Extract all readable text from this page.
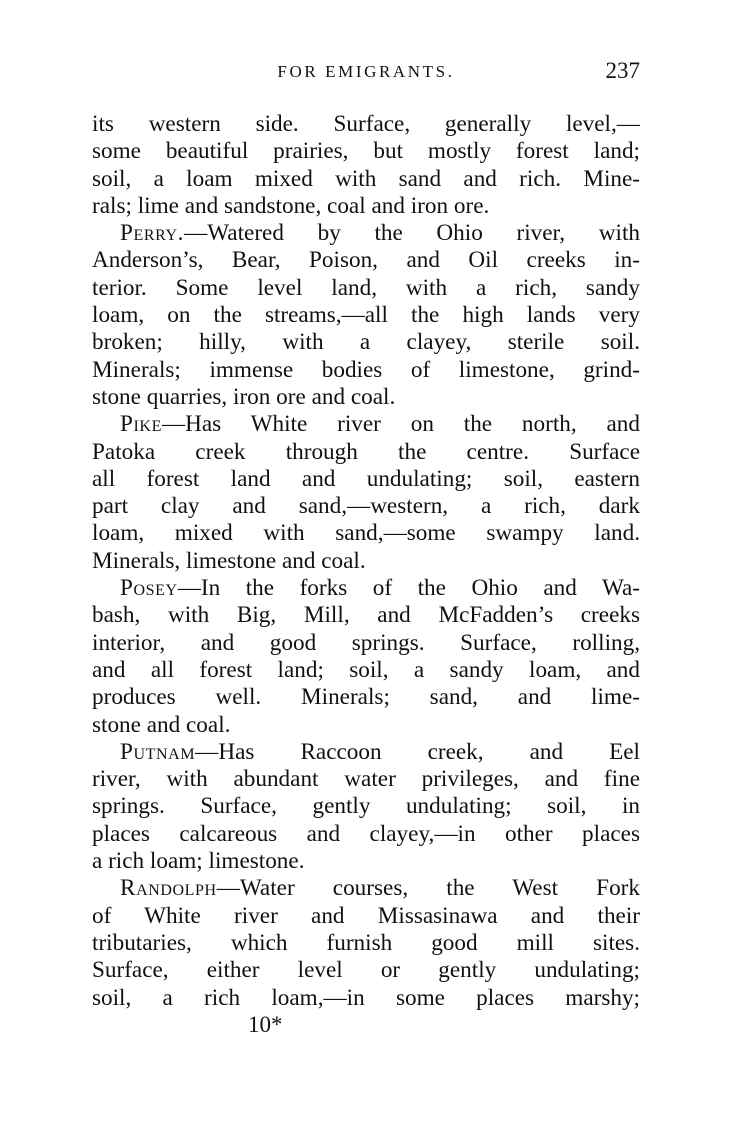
FOR EMIGRANTS.	237
its western side. Surface, generally level,—
some beautiful prairies, but mostly forest land;
soil, a loam mixed with sand and rich. Mine-
rals; lime and sandstone, coal and iron ore.
Perry.—Watered by the Ohio river, with
Anderson’s, Bear, Poison, and Oil creeks in-
terior. Some level land, with a rich, sandy
loam, on the streams,—all the high lands very
broken; hilly, with a clayey, sterile soil.
Minerals; immense bodies of limestone, grind-
stone quarries, iron ore and coal.
Pike—Has White river on the north, and
Patoka creek through the centre. Surface
all forest land and undulating; soil, eastern
part clay and sand,—western, a rich, dark
loam, mixed with sand,—some swampy land.
Minerals, limestone and coal.
Posey—In the forks of the Ohio and Wa-
bash, with Big, Mill, and McFadden’s creeks
interior, and good springs. Surface, rolling,
and all forest land; soil, a sandy loam, and
produces well. Minerals; sand, and lime-
stone and coal.
Putnam—Has Raccoon creek, and Eel
river, with abundant water privileges, and fine
springs. Surface, gently undulating; soil, in
places calcareous and clayey,—in other places
a rich loam; limestone.
Randolph—Water courses, the West Fork
of White river and Missasinawa and their
tributaries, which furnish good mill sites.
Surface, either level or gently undulating;
soil, a rich loam,—in some places marshy;
10*
